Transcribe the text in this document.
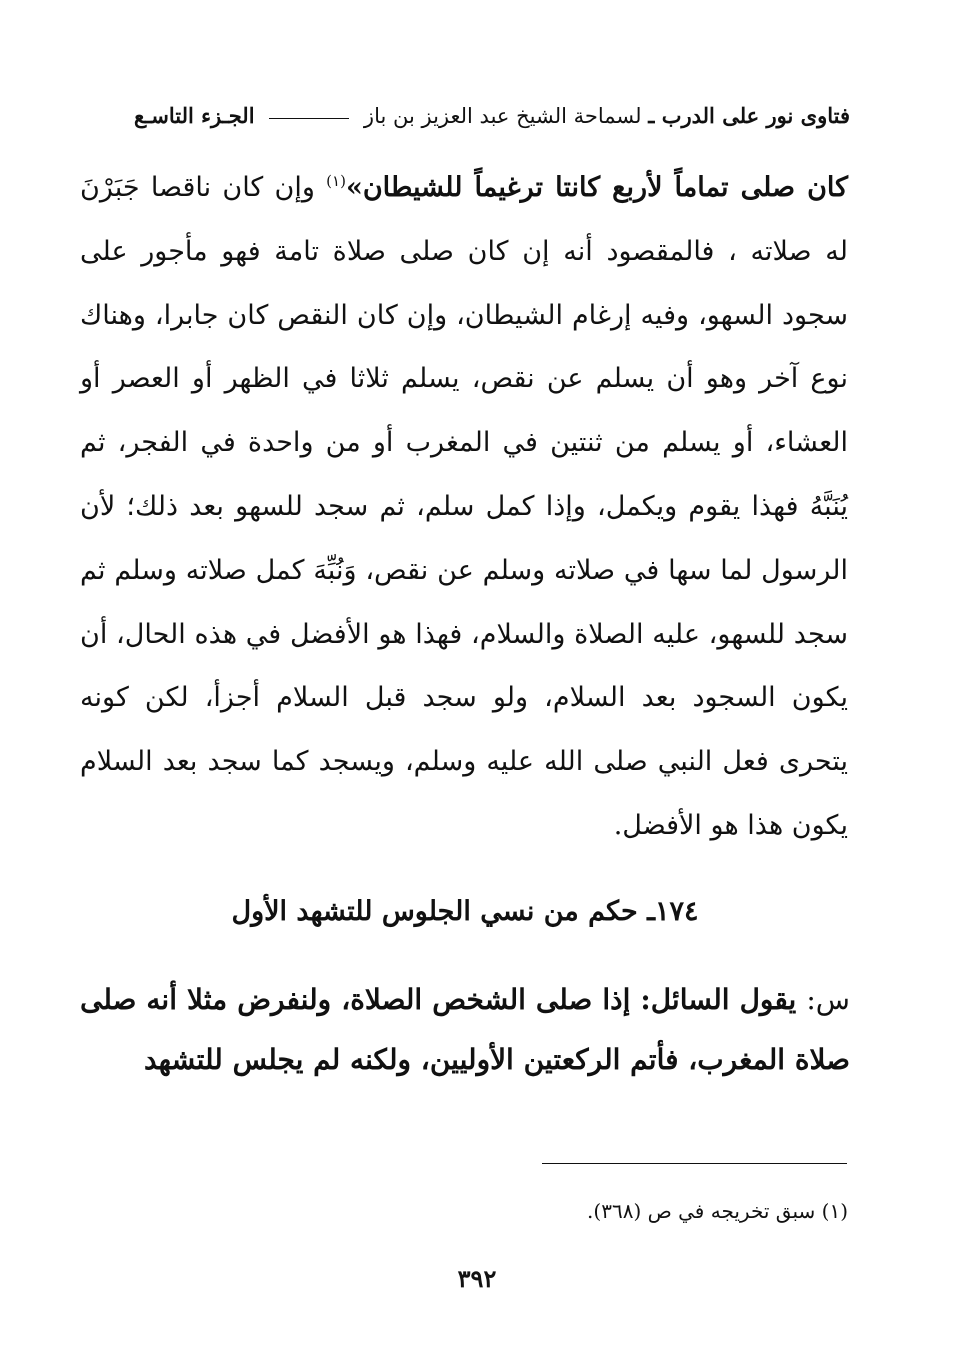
فتاوى نور على الدرب ـ لسماحة الشيخ عبد العزيز بن باز  الجـزء التاسـع

كان صلى تماماً لأربع كانتا ترغيماً للشيطان»$^{(١)}$ وإن كان ناقصا جَبَرْنَ له صلاته ، فالمقصود أنه إن كان صلى صلاة تامة فهو مأجور على سجود السهو، وفيه إرغام الشيطان، وإن كان النقص كان جابرا، وهناك نوع آخر وهو أن يسلم عن نقص، يسلم ثلاثا في الظهر أو العصر أو العشاء، أو يسلم من ثنتين في المغرب أو من واحدة في الفجر، ثم يُنَبَّهُ فهذا يقوم ويكمل، وإذا كمل سلم، ثم سجد للسهو بعد ذلك؛ لأن الرسول لما سها في صلاته وسلم عن نقص، وَنُبِّهَ كمل صلاته وسلم ثم سجد للسهو، عليه الصلاة والسلام، فهذا هو الأفضل في هذه الحال، أن يكون السجود بعد السلام، ولو سجد قبل السلام أجزأ، لكن كونه يتحرى فعل النبي صلى الله عليه وسلم، ويسجد كما سجد بعد السلام يكون هذا هو الأفضل.

١٧٤ـ حكم من نسي الجلوس للتشهد الأول

س: يقول السائل: إذا صلى الشخص الصلاة، ولنفرض مثلا أنه صلى صلاة المغرب، فأتم الركعتين الأوليين، ولكنه لم يجلس للتشهد

(١) سبق تخريجه في ص (٣٦٨).
٣٩٢
